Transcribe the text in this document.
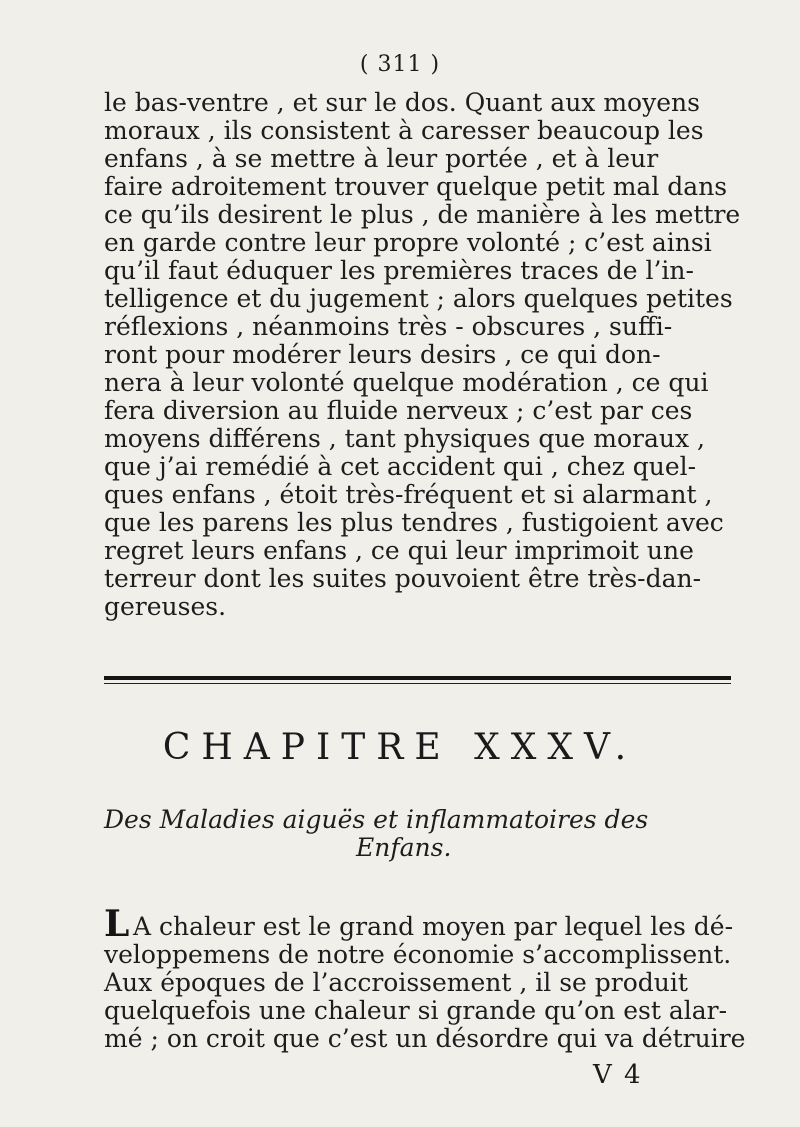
( 311 )
le bas-ventre , et sur le dos. Quant aux moyens
moraux , ils consistent à caresser beaucoup les
enfans , à se mettre à leur portée , et à leur
faire adroitement trouver quelque petit mal dans
ce qu’ils desirent le plus , de manière à les mettre
en garde contre leur propre volonté ; c’est ainsi
qu’il faut éduquer les premières traces de l’in-
telligence et du jugement ; alors quelques petites
réflexions , néanmoins très - obscures , suffi-
ront pour modérer leurs desirs , ce qui don-
nera à leur volonté quelque modération , ce qui
fera diversion au fluide nerveux ; c’est par ces
moyens différens , tant physiques que moraux ,
que j’ai remédié à cet accident qui , chez quel-
ques enfans , étoit très-fréquent et si alarmant ,
que les parens les plus tendres , fustigoient avec
regret leurs enfans , ce qui leur imprimoit une
terreur dont les suites pouvoient être très-dan-
gereuses.
CHAPITRE XXXV.
Des Maladies aiguës et inflammatoires des
Enfans.
L A chaleur est le grand moyen par lequel les dé-
veloppemens de notre économie s’accomplissent.
Aux époques de l’accroissement , il se produit
quelquefois une chaleur si grande qu’on est alar-
mé ; on croit que c’est un désordre qui va détruire
V 4
